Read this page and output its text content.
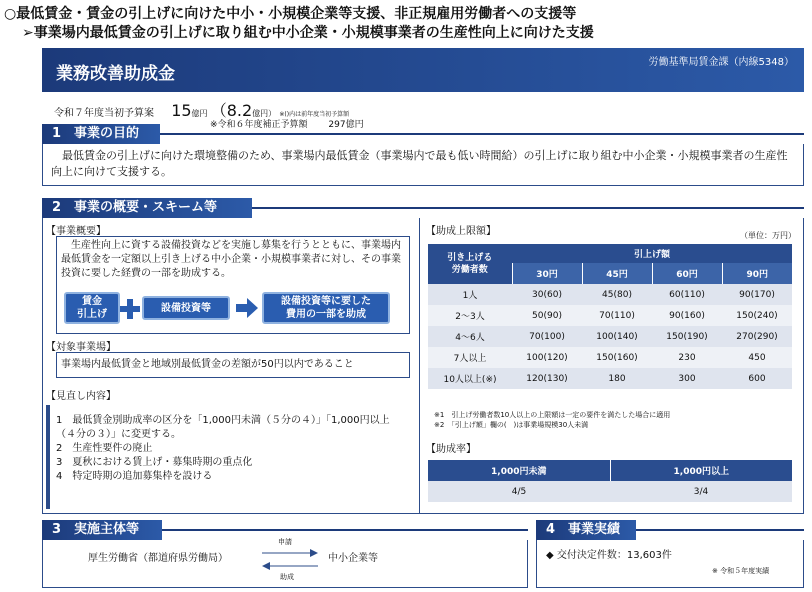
○最低賃金・賃金の引上げに向けた中小・小規模企業等支援、非正規雇用労働者への支援等
➢事業場内最低賃金の引上げに取り組む中小企業・小規模事業者の生産性向上に向けた支援
業務改善助成金
労働基準局賃金課（内線5348）
令和７年度当初予算案 15億円 （8.2億円） ※()内は前年度当初予算額
※令和６年度補正予算額 297億円
1　事業の目的
　最低賃金の引上げに向けた環境整備のため、事業場内最低賃金（事業場内で最も低い時間給）の引上げに取り組む中小企業・小規模事業者の生産性向上に向けて支援する。
2　事業の概要・スキーム等
【事業概要】
　生産性向上に資する設備投資などを実施し募集を行うとともに、事業場内最低賃金を一定額以上引き上げる中小企業・小規模事業者に対し、その事業投資に要した経費の一部を助成する。
賃金
引上げ
設備投資等
設備投資等に要した
費用の一部を助成
【対象事業場】
事業場内最低賃金と地域別最低賃金の差額が50円以内であること
【見直し内容】
1　最低賃金別助成率の区分を「1,000円未満（５分の４）」「1,000円以上（４分の３）」に変更する。
2　生産性要件の廃止
3　夏秋における賃上げ・募集時期の重点化
4　特定時期の追加募集枠を設ける
【助成上限額】	（単位：万円）
引き上げる
労働者数	引上げ額			
	30円	45円	60円	90円
1人	30(60)	45(80)	60(110)	90(170)
2〜3人	50(90)	70(110)	90(160)	150(240)
4〜6人	70(100)	100(140)	150(190)	270(290)
7人以上	100(120)	150(160)	230	450
10人以上(※)	120(130)	180	300	600
※1　引上げ労働者数10人以上の上限額は一定の要件を満たした場合に適用
※2　「引上げ額」欄の(　)は事業場規模30人未満
【助成率】
1,000円未満	1,000円以上
4/5	3/4
3　実施主体等
厚生労働省（都道府県労働局）
申請
助成
中小企業等
4　事業実績
◆ 交付決定件数：13,603件
※ 令和５年度実績
